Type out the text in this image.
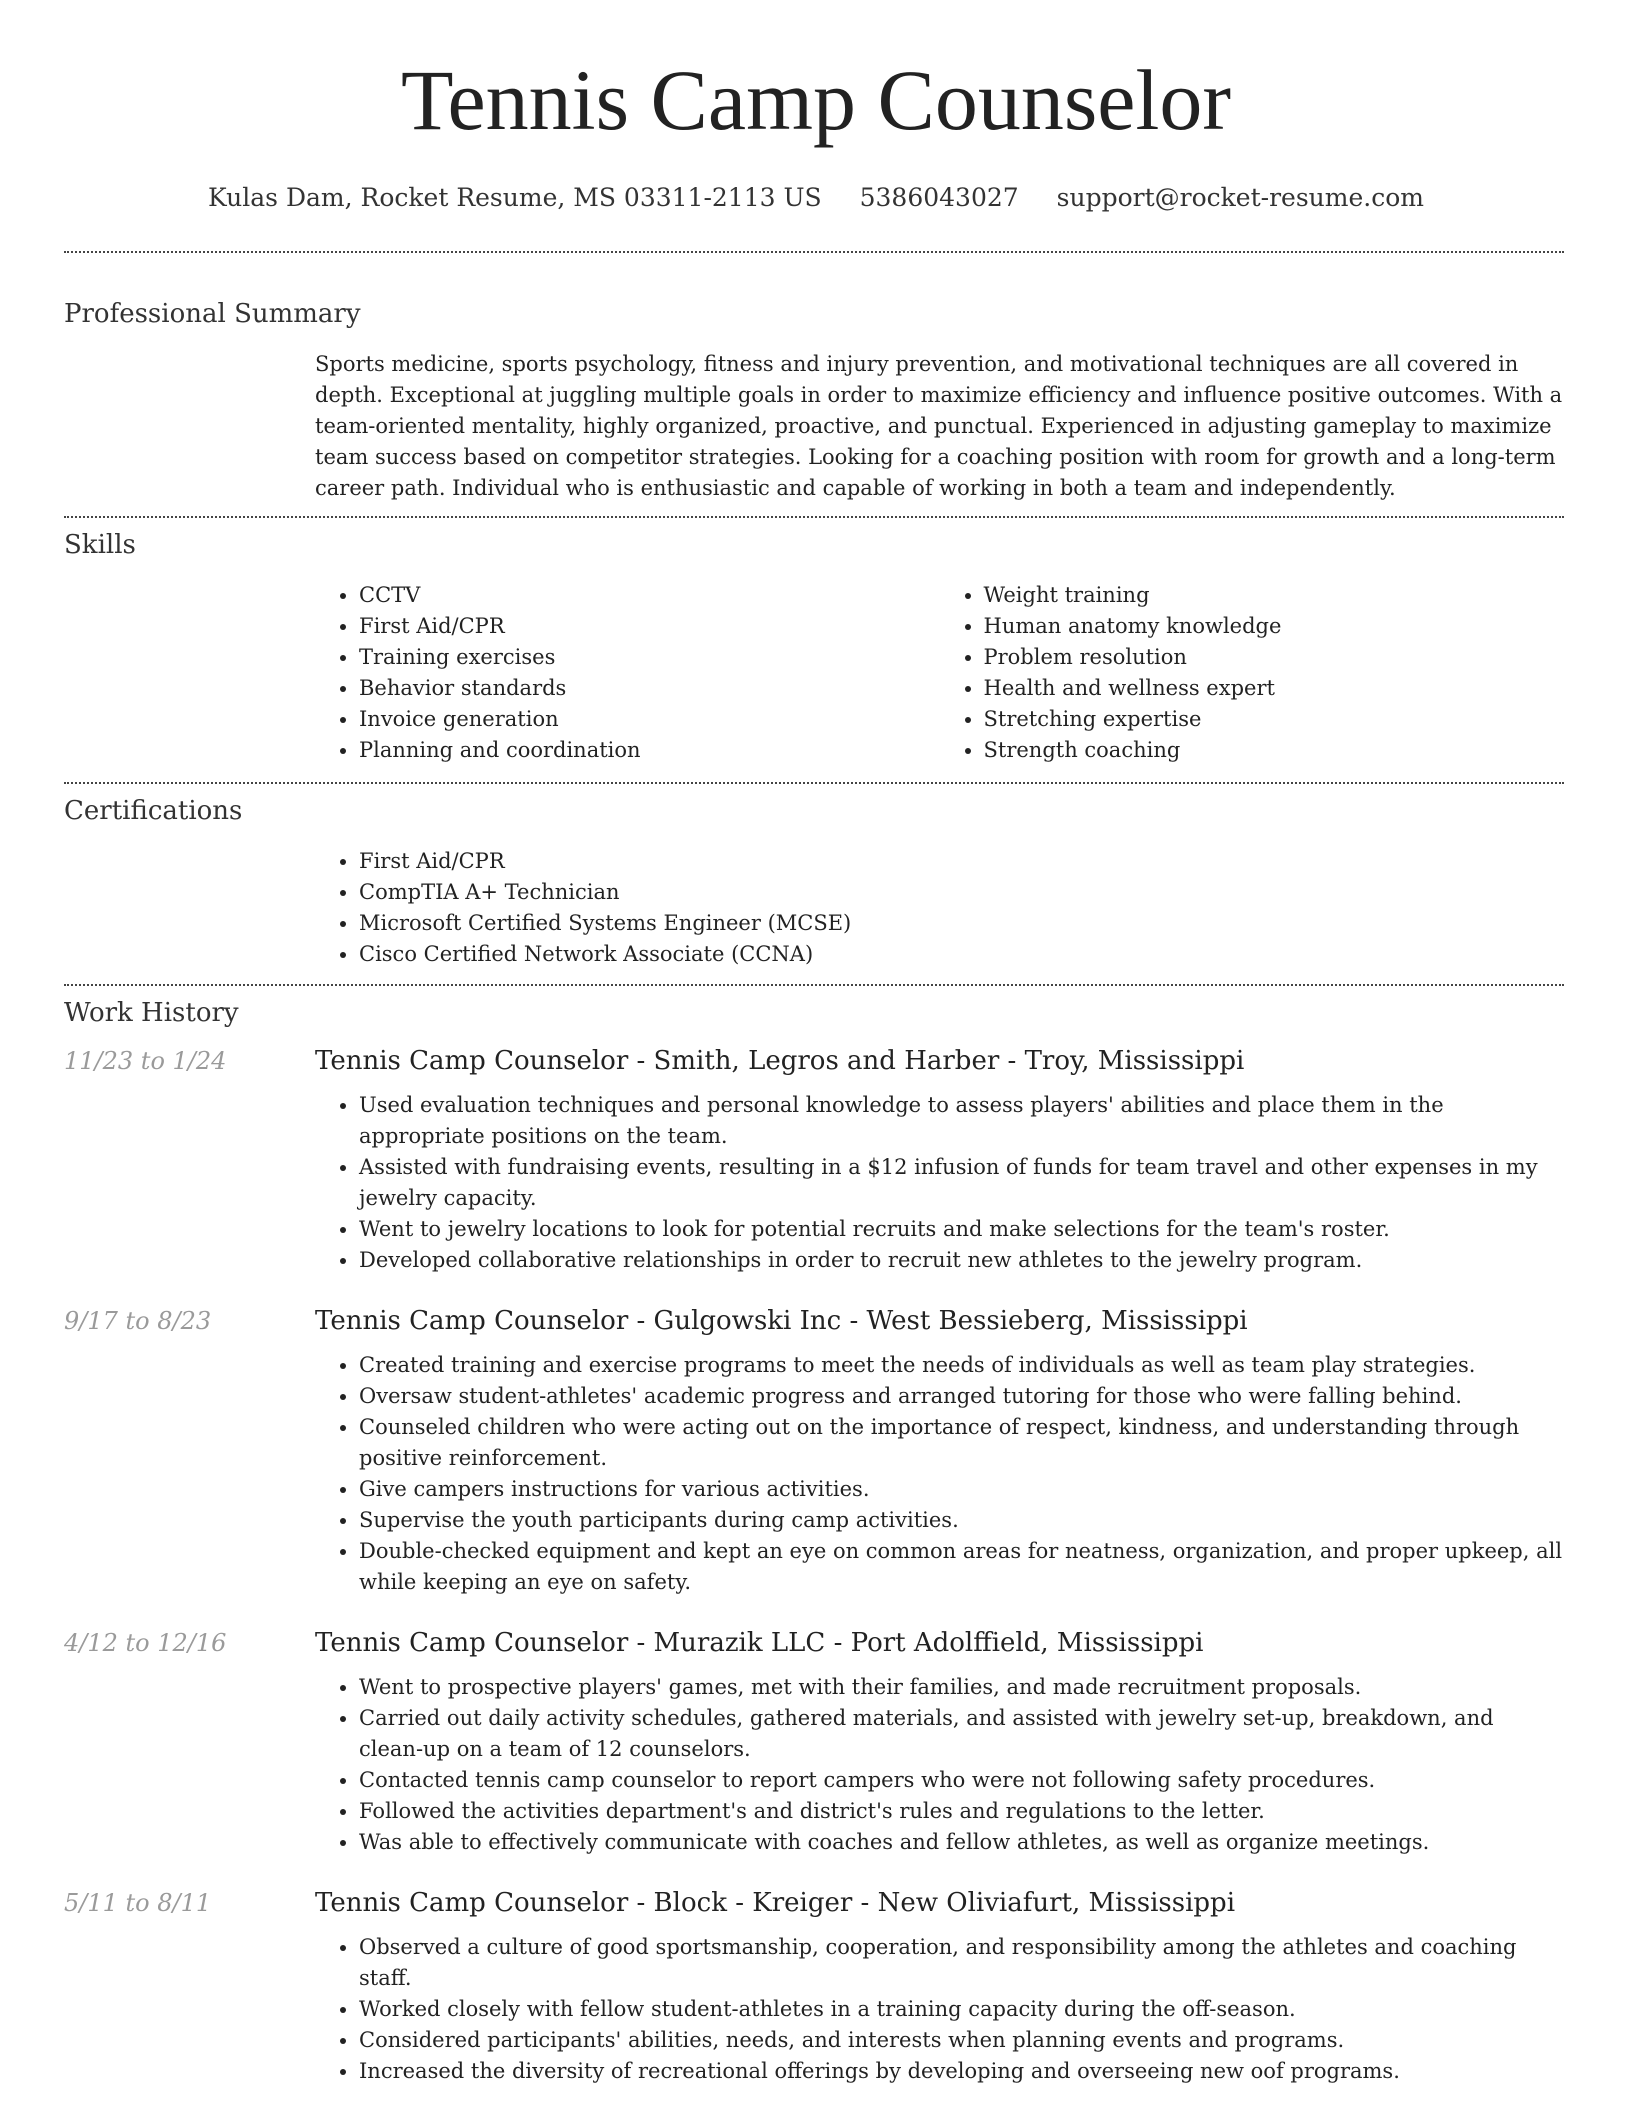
Tennis Camp Counselor
Kulas Dam, Rocket Resume, MS 03311-2113 US 5386043027 support@rocket-resume.com
Professional Summary

Sports medicine, sports psychology, fitness and injury prevention, and motivational techniques are all covered in depth. Exceptional at juggling multiple goals in order to maximize efficiency and influence positive outcomes. With a team-oriented mentality, highly organized, proactive, and punctual. Experienced in adjusting gameplay to maximize team success based on competitor strategies. Looking for a coaching position with room for growth and a long-term career path. Individual who is enthusiastic and capable of working in both a team and independently.

Skills
• CCTV
• First Aid/CPR
• Training exercises
• Behavior standards
• Invoice generation
• Planning and coordination
• Weight training
• Human anatomy knowledge
• Problem resolution
• Health and wellness expert
• Stretching expertise
• Strength coaching
Certifications
• First Aid/CPR
• CompTIA A+ Technician
• Microsoft Certified Systems Engineer (MCSE)
• Cisco Certified Network Associate (CCNA)
Work History
11/23 to 1/24	Tennis Camp Counselor - Smith, Legros and Harber - Troy, Mississippi
• Used evaluation techniques and personal knowledge to assess players' abilities and place them in the appropriate positions on the team.
• Assisted with fundraising events, resulting in a $12 infusion of funds for team travel and other expenses in my jewelry capacity.
• Went to jewelry locations to look for potential recruits and make selections for the team's roster.
• Developed collaborative relationships in order to recruit new athletes to the jewelry program.
9/17 to 8/23	Tennis Camp Counselor - Gulgowski Inc - West Bessieberg, Mississippi
• Created training and exercise programs to meet the needs of individuals as well as team play strategies.
• Oversaw student-athletes' academic progress and arranged tutoring for those who were falling behind.
• Counseled children who were acting out on the importance of respect, kindness, and understanding through positive reinforcement.
• Give campers instructions for various activities.
• Supervise the youth participants during camp activities.
• Double-checked equipment and kept an eye on common areas for neatness, organization, and proper upkeep, all while keeping an eye on safety.
4/12 to 12/16	Tennis Camp Counselor - Murazik LLC - Port Adolffield, Mississippi
• Went to prospective players' games, met with their families, and made recruitment proposals.
• Carried out daily activity schedules, gathered materials, and assisted with jewelry set-up, breakdown, and clean-up on a team of 12 counselors.
• Contacted tennis camp counselor to report campers who were not following safety procedures.
• Followed the activities department's and district's rules and regulations to the letter.
• Was able to effectively communicate with coaches and fellow athletes, as well as organize meetings.
5/11 to 8/11	Tennis Camp Counselor - Block - Kreiger - New Oliviafurt, Mississippi
• Observed a culture of good sportsmanship, cooperation, and responsibility among the athletes and coaching staff.
• Worked closely with fellow student-athletes in a training capacity during the off-season.
• Considered participants' abilities, needs, and interests when planning events and programs.
• Increased the diversity of recreational offerings by developing and overseeing new oof programs.
